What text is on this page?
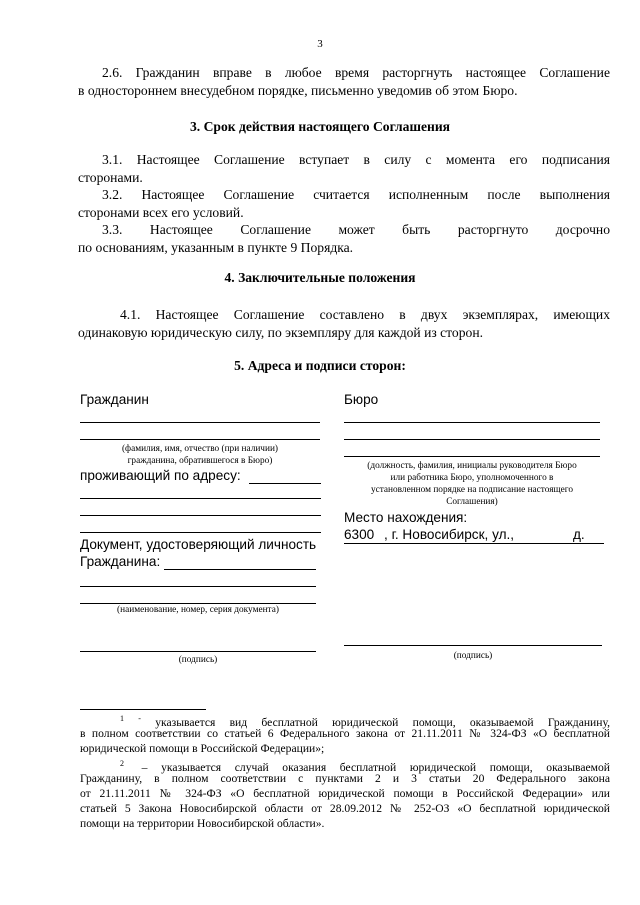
3
2.6. Гражданин вправе в любое время расторгнуть настоящее Соглашение
в одностороннем внесудебном порядке, письменно уведомив об этом Бюро.
3. Срок действия настоящего Соглашения
3.1. Настоящее Соглашение вступает в силу с момента его подписания
сторонами.
3.2. Настоящее Соглашение считается исполненным после выполнения
сторонами всех его условий.
3.3. Настоящее Соглашение может быть расторгнуто досрочно
по основаниям, указанным в пункте 9 Порядка.
4. Заключительные положения
4.1. Настоящее Соглашение составлено в двух экземплярах, имеющих
одинаковую юридическую силу, по экземпляру для каждой из сторон.
5. Адреса и подписи сторон:
Гражданин
(фамилия, имя, отчество (при наличии)
гражданина, обратившегося в Бюро)
проживающий по адресу:
Документ, удостоверяющий личность
Гражданина:
(наименование, номер, серия документа)
(подпись)
Бюро
(должность, фамилия, инициалы руководителя Бюро
или работника Бюро, уполномоченного в
установленном порядке на подписание настоящего
Соглашения)
Место нахождения:
6300 , г. Новосибирск, ул.,	д.
(подпись)
$^1$ - указывается вид бесплатной юридической помощи, оказываемой Гражданину,
в полном соответствии со статьей 6 Федерального закона от 21.11.2011 № 324-ФЗ «О бесплатной
юридической помощи в Российской Федерации»;
$^2$ – указывается случай оказания бесплатной юридической помощи, оказываемой
Гражданину, в полном соответствии с пунктами 2 и 3 статьи 20 Федерального закона
от 21.11.2011 № 324-ФЗ «О бесплатной юридической помощи в Российской Федерации» или
статьей 5 Закона Новосибирской области от 28.09.2012 № 252-ОЗ «О бесплатной юридической
помощи на территории Новосибирской области».
